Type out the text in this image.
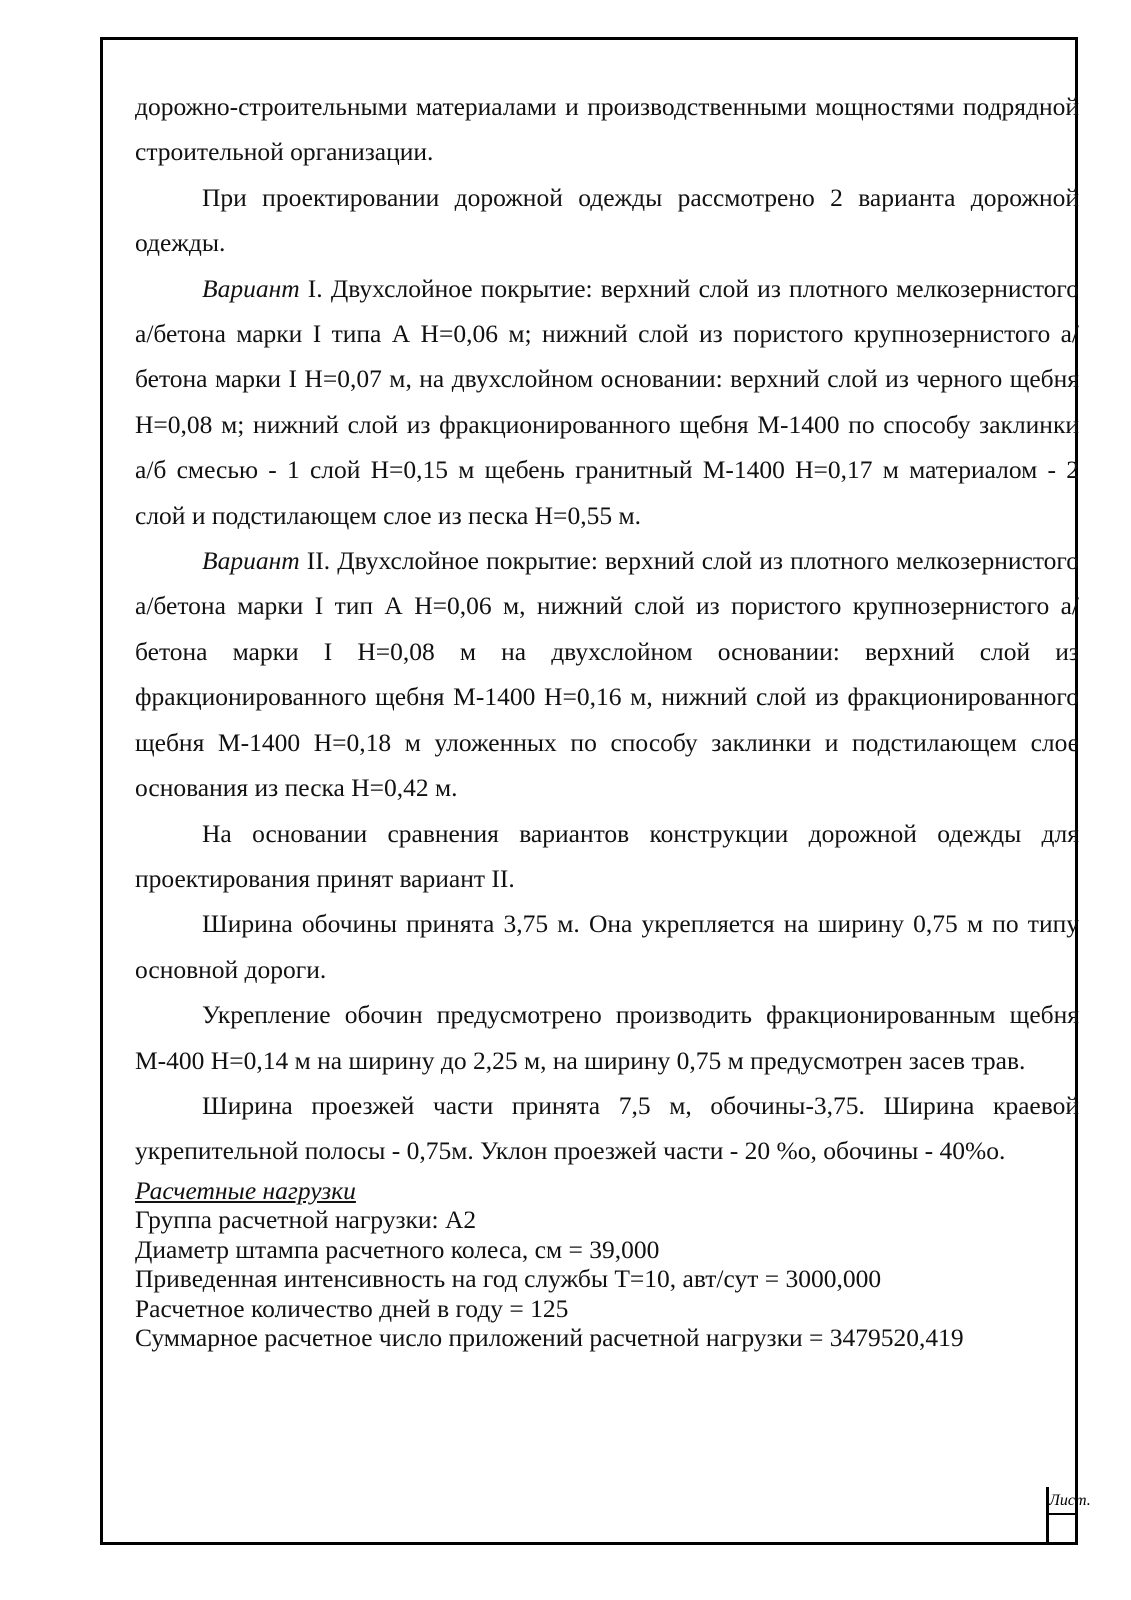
дорожно-строительными материалами и производственными мощностями подрядной строительной организации.

При проектировании дорожной одежды рассмотрено 2 варианта дорожной одежды.

Вариант I. Двухслойное покрытие: верхний слой из плотного мелкозернистого а/бетона марки I типа А Н=0,06 м; нижний слой из пористого крупнозернистого а/бетона марки I Н=0,07 м, на двухслойном основании: верхний слой из черного щебня Н=0,08 м; нижний слой из фракционированного щебня М-1400 по способу заклинки а/б смесью - 1 слой Н=0,15 м щебень гранитный М-1400 Н=0,17 м материалом - 2 слой и подстилающем слое из песка Н=0,55 м.

Вариант II. Двухслойное покрытие: верхний слой из плотного мелкозернистого а/бетона марки I тип А Н=0,06 м, нижний слой из пористого крупнозернистого а/бетона марки I Н=0,08 м на двухслойном основании: верхний слой из фракционированного щебня М-1400 Н=0,16 м, нижний слой из фракционированного щебня М-1400 Н=0,18 м уложенных по способу заклинки и подстилающем слое основания из песка Н=0,42 м.

На основании сравнения вариантов конструкции дорожной одежды для проектирования принят вариант II.

Ширина обочины принята 3,75 м. Она укрепляется на ширину 0,75 м по типу основной дороги.

Укрепление обочин предусмотрено производить фракционированным щебня М-400 Н=0,14 м на ширину до 2,25 м, на ширину 0,75 м предусмотрен засев трав.

Ширина проезжей части принята 7,5 м, обочины-3,75. Ширина краевой укрепительной полосы - 0,75м. Уклон проезжей части - 20 %о, обочины - 40%о.

Расчетные нагрузки
Группа расчетной нагрузки: А2
Диаметр штампа расчетного колеса, см = 39,000
Приведенная интенсивность на год службы Т=10, авт/сут = 3000,000
Расчетное количество дней в году = 125
Суммарное расчетное число приложений расчетной нагрузки = 3479520,419
Лист.
